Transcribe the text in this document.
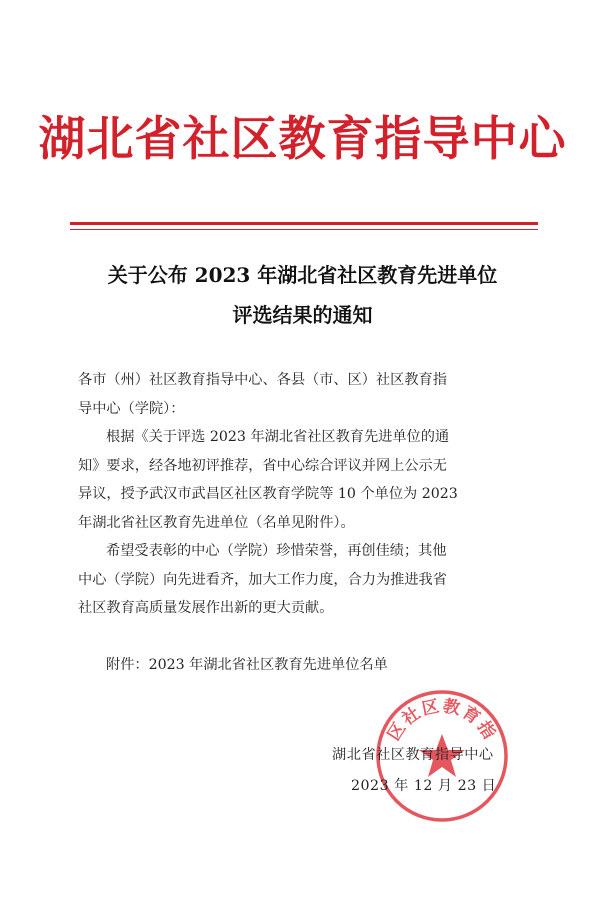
湖北省社区教育指导中心
关于公布 2023 年湖北省社区教育先进单位
评选结果的通知
各市（州）社区教育指导中心、各县（市、区）社区教育指
导中心（学院）：
根据《关于评选 2023 年湖北省社区教育先进单位的通
知》要求，经各地初评推荐，省中心综合评议并网上公示无
异议，授予武汉市武昌区社区教育学院等 10 个单位为 2023
年湖北省社区教育先进单位（名单见附件）。
希望受表彰的中心（学院）珍惜荣誉，再创佳绩；其他
中心（学院）向先进看齐，加大工作力度，合力为推进我省
社区教育高质量发展作出新的更大贡献。
附件：2023 年湖北省社区教育先进单位名单
区社区教育指
湖北省社区教育指导中心
2023 年 12 月 23 日
